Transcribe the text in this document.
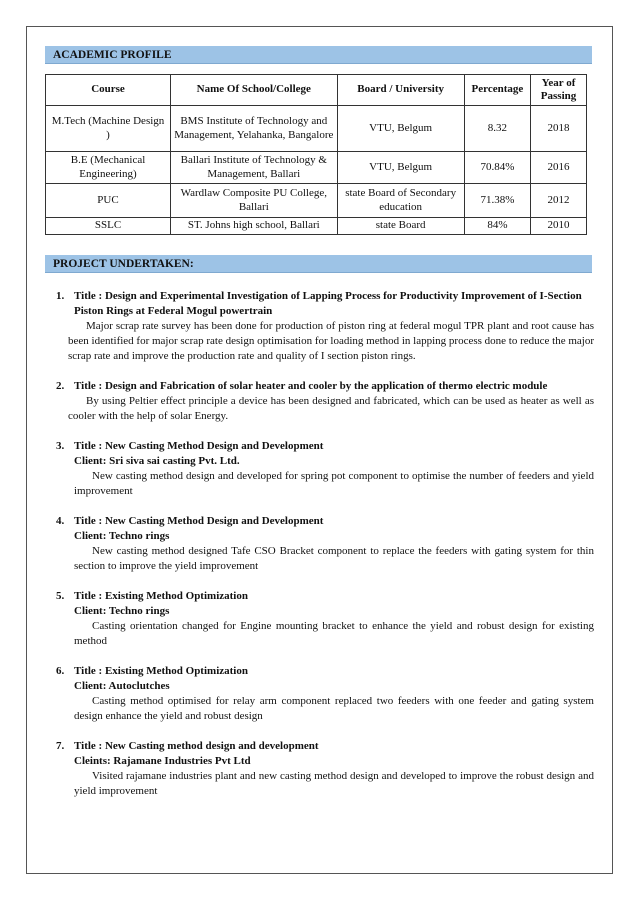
ACADEMIC PROFILE
Course	Name Of School/College	Board / University	Percentage	Year of Passing
M.Tech (Machine Design )	BMS Institute of Technology and Management, Yelahanka, Bangalore	VTU, Belgum	8.32	2018
B.E (Mechanical Engineering)	Ballari Institute of Technology & Management, Ballari	VTU, Belgum	70.84%	2016
PUC	Wardlaw Composite PU College, Ballari	state Board of Secondary education	71.38%	2012
SSLC	ST. Johns high school, Ballari	state Board	84%	2010
PROJECT UNDERTAKEN:
1. Title : Design and Experimental Investigation of Lapping Process for Productivity Improvement of I-Section Piston Rings at Federal Mogul powertrain
Major scrap rate survey has been done for production of piston ring at federal mogul TPR plant and root cause has been identified for major scrap rate design optimisation for loading method in lapping process done to reduce the major scrap rate and improve the production rate and quality of I section piston rings.
2. Title : Design and Fabrication of solar heater and cooler by the application of thermo electric module
By using Peltier effect principle a device has been designed and fabricated, which can be used as heater as well as cooler with the help of solar Energy.
3. Title : New Casting Method Design and Development
Client: Sri siva sai casting Pvt. Ltd.
New casting method design and developed for spring pot component to optimise the number of feeders and yield improvement
4. Title : New Casting Method Design and Development
Client: Techno rings
New casting method designed Tafe CSO Bracket component to replace the feeders with gating system for thin section to improve the yield improvement
5. Title : Existing Method Optimization
Client: Techno rings
Casting orientation changed for Engine mounting bracket to enhance the yield and robust design for existing method
6. Title : Existing Method Optimization
Client: Autoclutches
Casting method optimised for relay arm component replaced two feeders with one feeder and gating system design enhance the yield and robust design
7. Title : New Casting method design and development
Cleints: Rajamane Industries Pvt Ltd
Visited rajamane industries plant and new casting method design and developed to improve the robust design and yield improvement
